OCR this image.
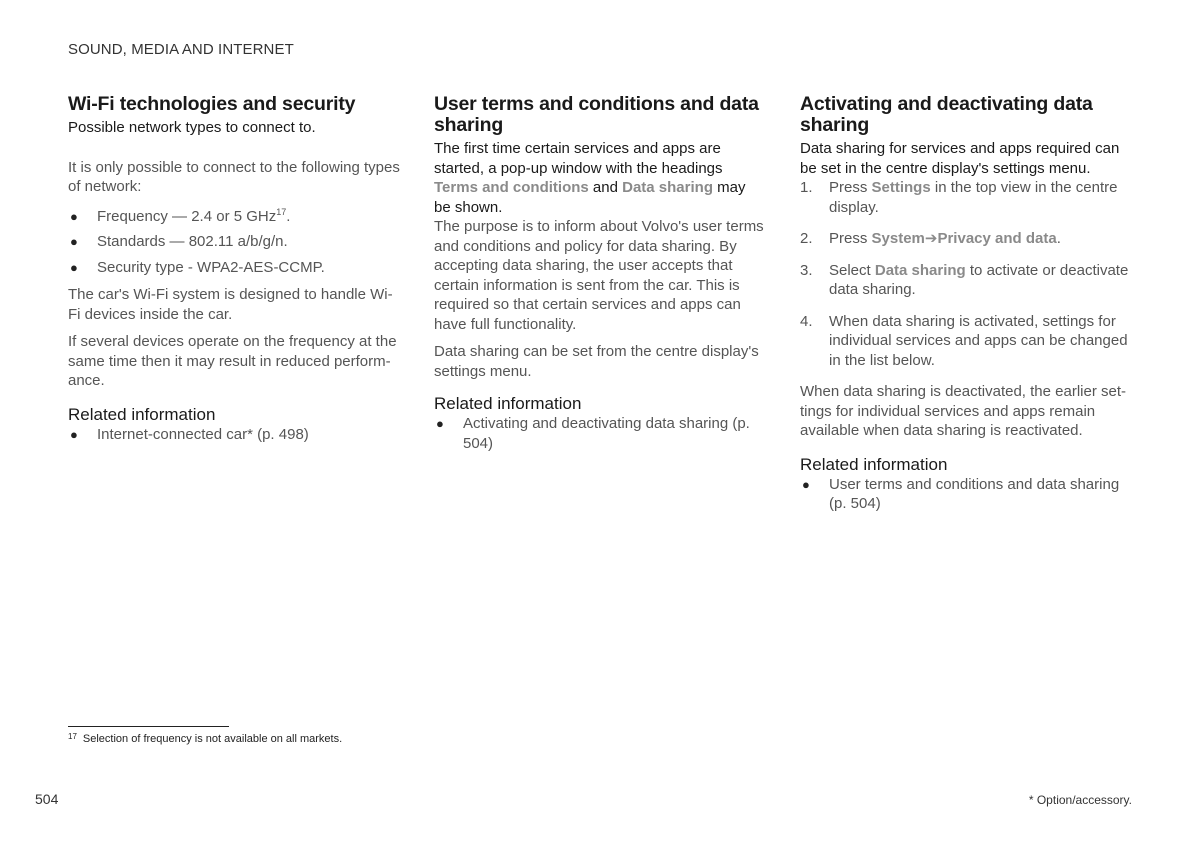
SOUND, MEDIA AND INTERNET
Wi-Fi technologies and security
Possible network types to connect to.

It is only possible to connect to the following types of network:

● Frequency — 2.4 or 5 GHz$^{17}$.
● Standards — 802.11 a/b/g/n.
● Security type - WPA2-AES-CCMP.

The car's Wi-Fi system is designed to handle Wi-Fi devices inside the car.

If several devices operate on the frequency at the same time then it may result in reduced performance.

Related information
● Internet-connected car* (p. 498)
User terms and conditions and data sharing
The first time certain services and apps are started, a pop-up window with the headings Terms and conditions and Data sharing may be shown.

The purpose is to inform about Volvo's user terms and conditions and policy for data sharing. By accepting data sharing, the user accepts that certain information is sent from the car. This is required so that certain services and apps can have full functionality.

Data sharing can be set from the centre display's settings menu.

Related information
● Activating and deactivating data sharing (p. 504)
Activating and deactivating data sharing
Data sharing for services and apps required can be set in the centre display's settings menu.
1. Press Settings in the top view in the centre display.
2. Press System➔Privacy and data.
3. Select Data sharing to activate or deactivate data sharing.
4. When data sharing is activated, settings for individual services and apps can be changed in the list below.

When data sharing is deactivated, the earlier settings for individual services and apps remain available when data sharing is reactivated.

Related information
● User terms and conditions and data sharing (p. 504)
$^{17}$ Selection of frequency is not available on all markets.
504	* Option/accessory.
